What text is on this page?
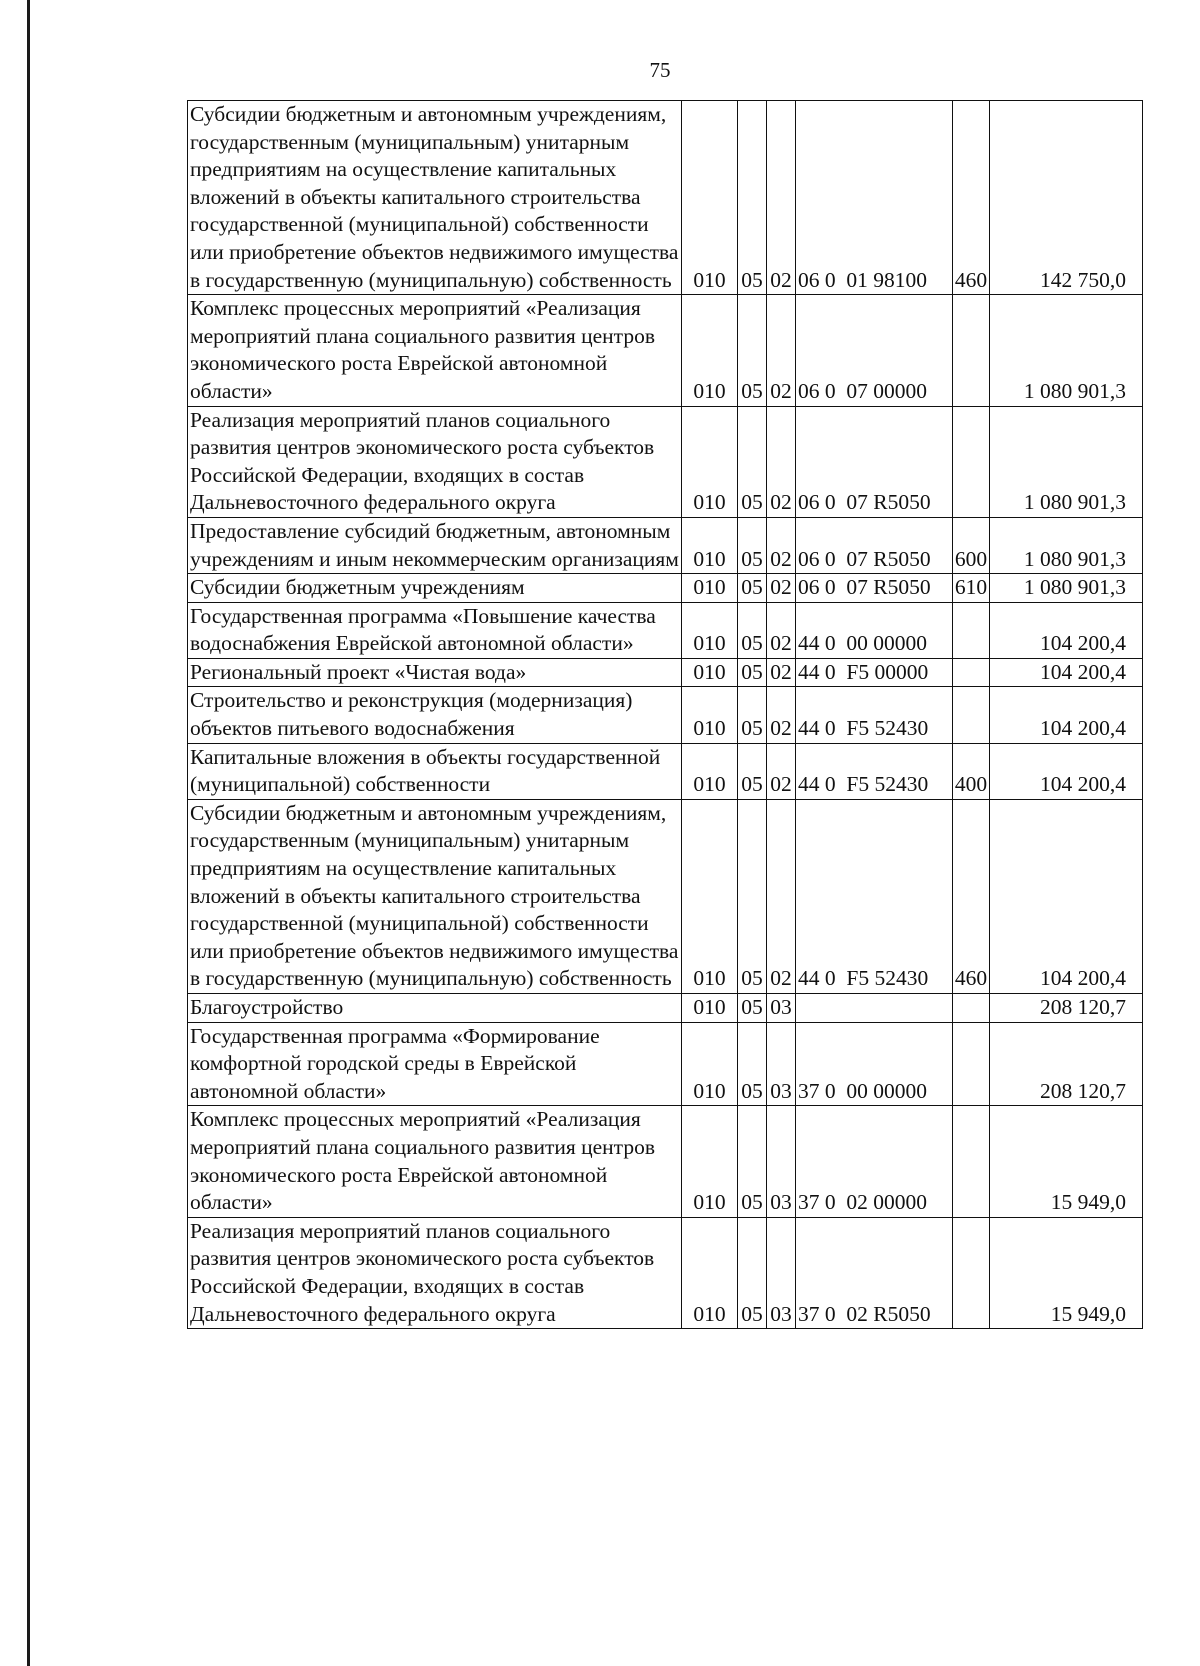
75
Субсидии бюджетным и автономным учреждениям, государственным (муниципальным) унитарным предприятиям на осуществление капитальных вложений в объекты капитального строительства государственной (муниципальной) собственности или приобретение объектов недвижимого имущества в государственную (муниципальную) собственность	010	05	02	06 0  01 98100	460	142 750,0
Комплекс процессных мероприятий «Реализация мероприятий плана социального развития центров экономического роста Еврейской автономной области»	010	05	02	06 0  07 00000		1 080 901,3
Реализация мероприятий планов социального развития центров экономического роста субъектов Российской Федерации, входящих в состав Дальневосточного федерального округа	010	05	02	06 0  07 R5050		1 080 901,3
Предоставление субсидий бюджетным, автономным учреждениям и иным некоммерческим организациям	010	05	02	06 0  07 R5050	600	1 080 901,3
Субсидии бюджетным учреждениям	010	05	02	06 0  07 R5050	610	1 080 901,3
Государственная программа «Повышение качества водоснабжения Еврейской автономной области»	010	05	02	44 0  00 00000		104 200,4
Региональный проект «Чистая вода»	010	05	02	44 0  F5 00000		104 200,4
Строительство и реконструкция (модернизация) объектов питьевого водоснабжения	010	05	02	44 0  F5 52430		104 200,4
Капитальные вложения в объекты государственной (муниципальной) собственности	010	05	02	44 0  F5 52430	400	104 200,4
Субсидии бюджетным и автономным учреждениям, государственным (муниципальным) унитарным предприятиям на осуществление капитальных вложений в объекты капитального строительства государственной (муниципальной) собственности или приобретение объектов недвижимого имущества в государственную (муниципальную) собственность	010	05	02	44 0  F5 52430	460	104 200,4
Благоустройство	010	05	03			208 120,7
Государственная программа «Формирование комфортной городской среды в Еврейской автономной области»	010	05	03	37 0  00 00000		208 120,7
Комплекс процессных мероприятий «Реализация мероприятий плана социального развития центров экономического роста Еврейской автономной области»	010	05	03	37 0  02 00000		15 949,0
Реализация мероприятий планов социального развития центров экономического роста субъектов Российской Федерации, входящих в состав Дальневосточного федерального округа	010	05	03	37 0  02 R5050		15 949,0
